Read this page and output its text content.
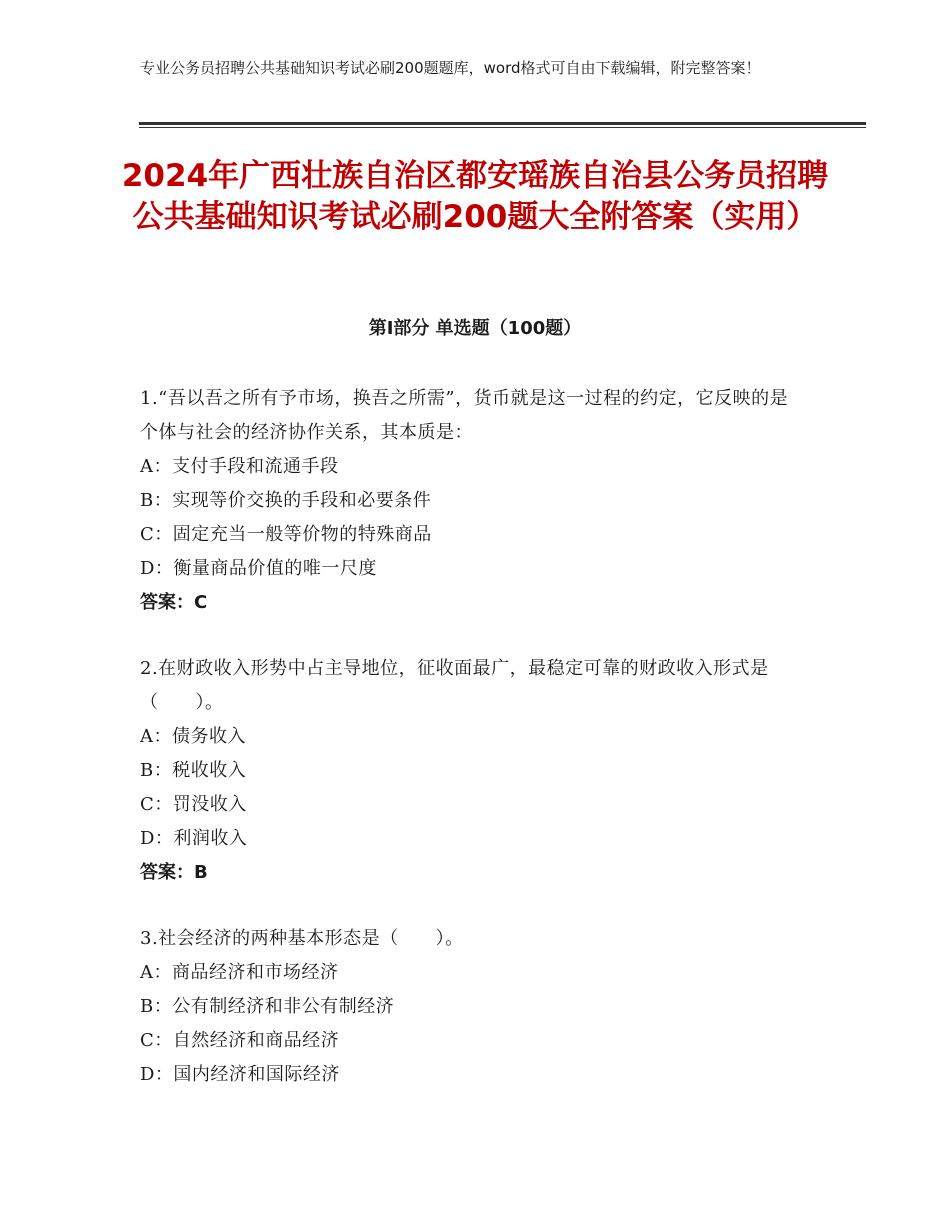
专业公务员招聘公共基础知识考试必刷200题题库，word格式可自由下载编辑，附完整答案！
2024年广西壮族自治区都安瑶族自治县公务员招聘公共基础知识考试必刷200题大全附答案（实用）
第I部分 单选题（100题）
1.“吾以吾之所有予市场，换吾之所需”，货币就是这一过程的约定，它反映的是个体与社会的经济协作关系，其本质是：
A：支付手段和流通手段
B：实现等价交换的手段和必要条件
C：固定充当一般等价物的特殊商品
D：衡量商品价值的唯一尺度
答案：C
2.在财政收入形势中占主导地位，征收面最广，最稳定可靠的财政收入形式是（　　）。
A：债务收入
B：税收收入
C：罚没收入
D：利润收入
答案：B
3.社会经济的两种基本形态是（　　）。
A：商品经济和市场经济
B：公有制经济和非公有制经济
C：自然经济和商品经济
D：国内经济和国际经济
